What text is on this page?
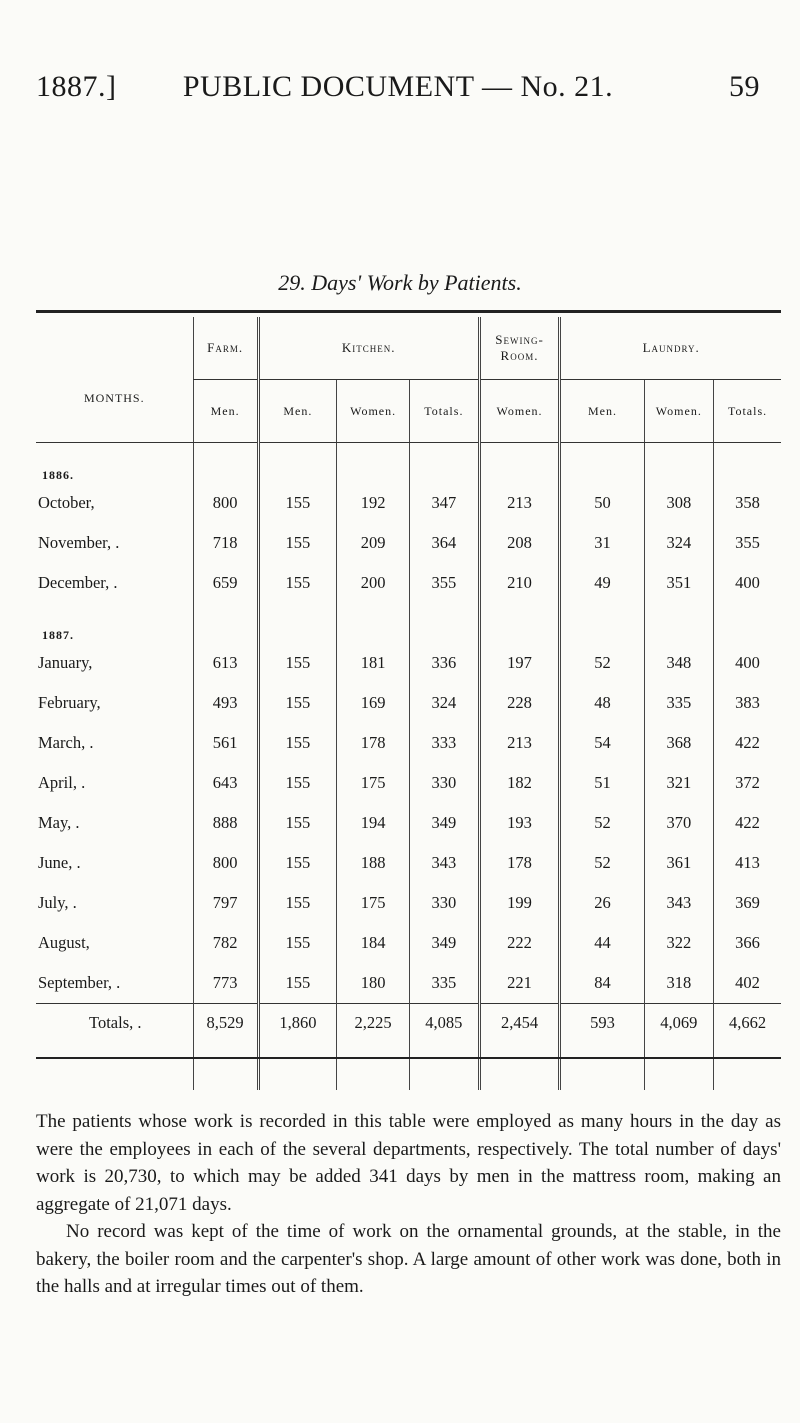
1887.] PUBLIC DOCUMENT — No. 21.	59
29. Days' Work by Patients.
MONTHS.	Farm.	Kitchen.			Sewing-Room.	Laundry.		
	Men.	Men.	Women.	Totals.	Women.	Men.	Women.	Totals.
1886.								
October,	800	155	192	347	213	50	308	358
November, .	718	155	209	364	208	31	324	355
December, .	659	155	200	355	210	49	351	400
1887.								
January,	613	155	181	336	197	52	348	400
February,	493	155	169	324	228	48	335	383
March, .	561	155	178	333	213	54	368	422
April, .	643	155	175	330	182	51	321	372
May, .	888	155	194	349	193	52	370	422
June, .	800	155	188	343	178	52	361	413
July, .	797	155	175	330	199	26	343	369
August,	782	155	184	349	222	44	322	366
September, .	773	155	180	335	221	84	318	402
Totals, .	8,529	1,860	2,225	4,085	2,454	593	4,069	4,662

The patients whose work is recorded in this table were employed as many hours in the day as were the employees in each of the several departments, respectively. The total number of days' work is 20,730, to which may be added 341 days by men in the mattress room, making an aggregate of 21,071 days.

No record was kept of the time of work on the ornamental grounds, at the stable, in the bakery, the boiler room and the carpenter's shop. A large amount of other work was done, both in the halls and at irregular times out of them.
